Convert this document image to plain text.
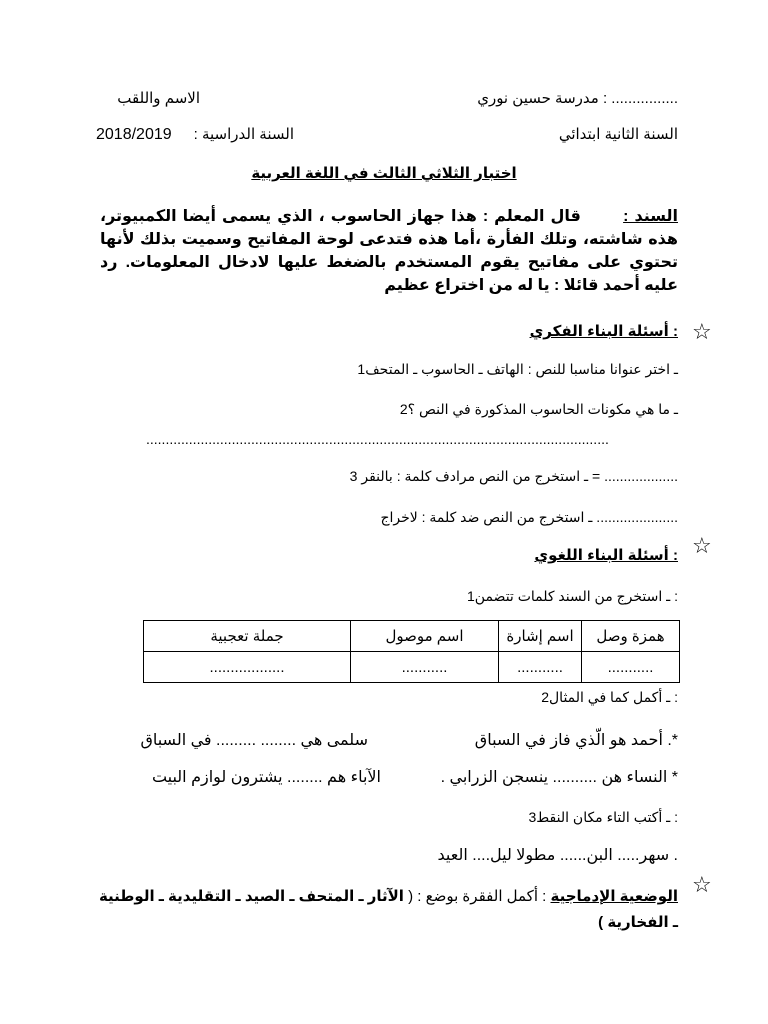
الاسم واللقب	................ : مدرسة حسين نوري
السنة الثانية ابتدائي
السنة الدراسية :
2018/2019
اختبار الثلاثي الثالث في اللغة العربية
السند :       قال المعلم : هذا جهاز الحاسوب ، الذي يسمى أيضا الكمبيوتر، هذه شاشته، وتلك الفأرة ،أما هذه فتدعى لوحة المفاتيح وسميت بذلك لأنها تحتوي على مفاتيح يقوم المستخدم بالضغط عليها لادخال المعلومات. رد عليه أحمد قائلا : يا له من اختراع عظيم
☆
: أسئلة البناء الفكري
ـ اختر عنوانا مناسبا للنص : الهاتف ـ الحاسوب ـ المتحف1
ـ ما هي مكونات الحاسوب المذكورة في النص ؟2
.......................................................................................................................
................... = ـ استخرج من النص مرادف كلمة : بالنقر 3
..................... ـ استخرج من النص ضد كلمة : لاخراج
☆
: أسئلة البناء اللغوي
: ـ استخرج من السند كلمات تتضمن1
همزة وصل	اسم إشارة	اسم موصول	جملة تعجبية
...........	...........	...........	..................
: ـ أكمل كما في المثال2
*. أحمد هو الّذي فاز في السباق
سلمى هي ........ ......... في السباق
* النساء هن .......... ينسجن الزرابي .
الآباء هم ........ يشترون لوازم البيت
: ـ أكتب التاء مكان النقط3
. سهر..... البن...... مطولا ليل.... العيد
☆
الوضعية الإدماجية : أكمل الفقرة بوضع : ( الآثار ـ المتحف ـ الصيد ـ التقليدية ـ الوطنية ـ الفخارية )
